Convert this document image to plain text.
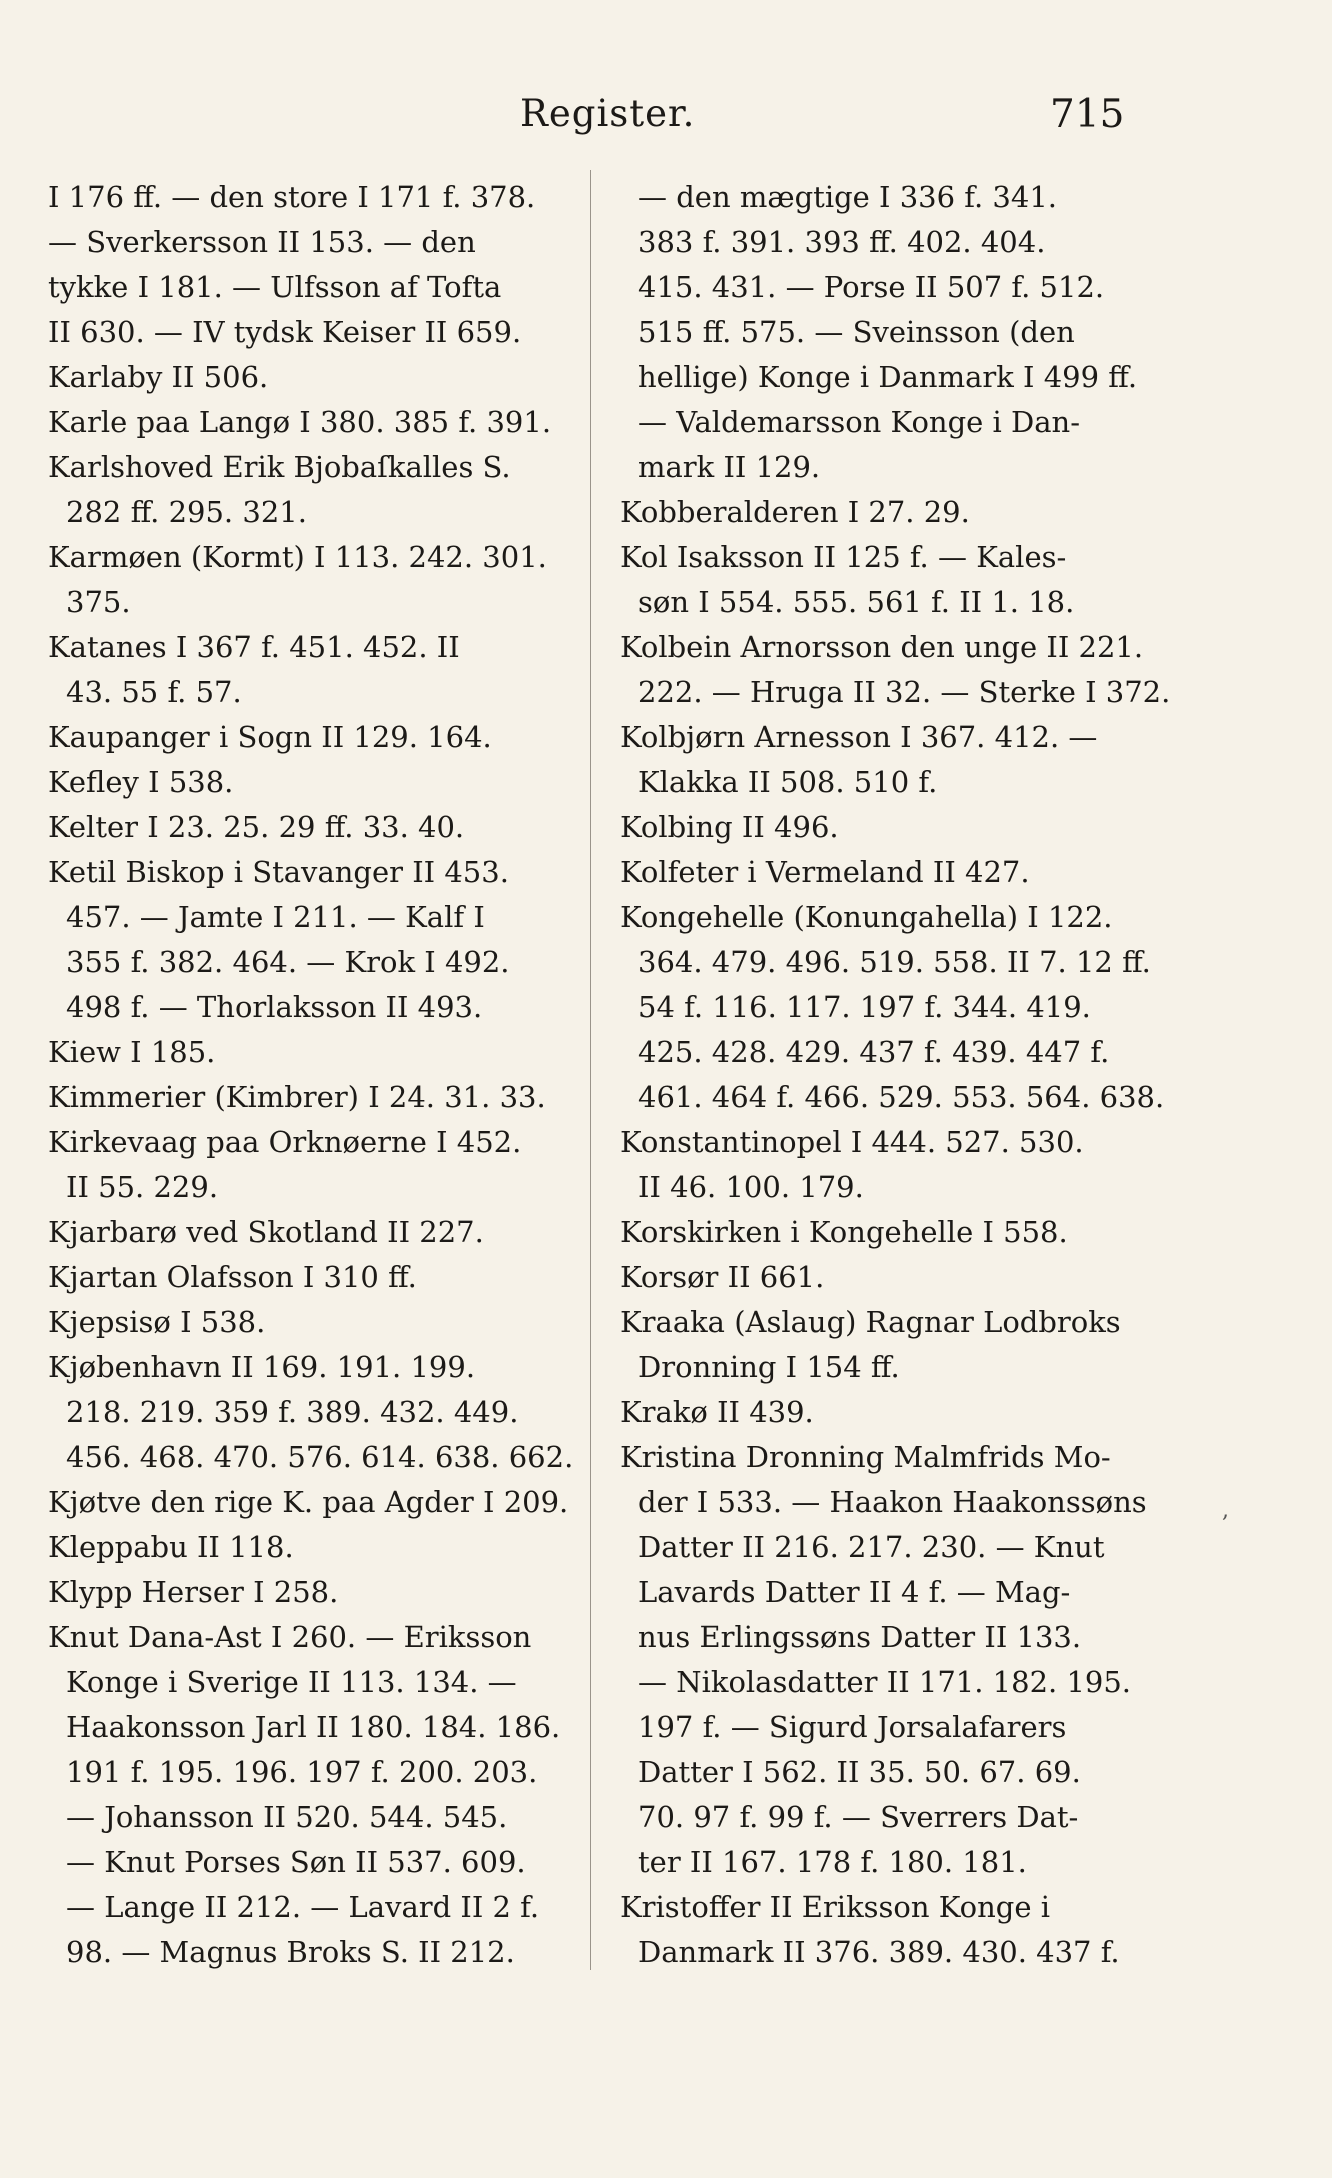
Register.	715
I 176 ff. — den store I 171 f. 378.
— Sverkersson II 153. — den
tykke I 181. — Ulfsson af Tofta
II 630. — IV tydsk Keiser II 659.
Karlaby II 506.
Karle paa Langø I 380. 385 f. 391.
Karlshoved Erik Bjobaſkalles S.
282 ff. 295. 321.
Karmøen (Kormt) I 113. 242. 301.
375.
Katanes I 367 f. 451. 452. II
43. 55 f. 57.
Kaupanger i Sogn II 129. 164.
Kefley I 538.
Kelter I 23. 25. 29 ff. 33. 40.
Ketil Biskop i Stavanger II 453.
457. — Jamte I 211. — Kalf I
355 f. 382. 464. — Krok I 492.
498 f. — Thorlaksson II 493.
Kiew I 185.
Kimmerier (Kimbrer) I 24. 31. 33.
Kirkevaag paa Orknøerne I 452.
II 55. 229.
Kjarbarø ved Skotland II 227.
Kjartan Olafsson I 310 ff.
Kjepsisø I 538.
Kjøbenhavn II 169. 191. 199.
218. 219. 359 f. 389. 432. 449.
456. 468. 470. 576. 614. 638. 662.
Kjøtve den rige K. paa Agder I 209.
Kleppabu II 118.
Klypp Herser I 258.
Knut Dana-Ast I 260. — Eriksson
Konge i Sverige II 113. 134. —
Haakonsson Jarl II 180. 184. 186.
191 f. 195. 196. 197 f. 200. 203.
— Johansson II 520. 544. 545.
— Knut Porses Søn II 537. 609.
— Lange II 212. — Lavard II 2 f.
98. — Magnus Broks S. II 212.
— den mægtige I 336 f. 341.
383 f. 391. 393 ff. 402. 404.
415. 431. — Porse II 507 f. 512.
515 ff. 575. — Sveinsson (den
hellige) Konge i Danmark I 499 ff.
— Valdemarsson Konge i Dan-
mark II 129.
Kobberalderen I 27. 29.
Kol Isaksson II 125 f. — Kales-
søn I 554. 555. 561 f. II 1. 18.
Kolbein Arnorsson den unge II 221.
222. — Hruga II 32. — Sterke I 372.
Kolbjørn Arnesson I 367. 412. —
Klakka II 508. 510 f.
Kolbing II 496.
Kolfeter i Vermeland II 427.
Kongehelle (Konungahella) I 122.
364. 479. 496. 519. 558. II 7. 12 ff.
54 f. 116. 117. 197 f. 344. 419.
425. 428. 429. 437 f. 439. 447 f.
461. 464 f. 466. 529. 553. 564. 638.
Konstantinopel I 444. 527. 530.
II 46. 100. 179.
Korskirken i Kongehelle I 558.
Korsør II 661.
Kraaka (Aslaug) Ragnar Lodbroks
Dronning I 154 ff.
Krakø II 439.
Kristina Dronning Malmfrids Mo-
der I 533. — Haakon Haakonssøns
Datter II 216. 217. 230. — Knut
Lavards Datter II 4 f. — Mag-
nus Erlingssøns Datter II 133.
— Nikolasdatter II 171. 182. 195.
197 f. — Sigurd Jorsalafarers
Datter I 562. II 35. 50. 67. 69.
70. 97 f. 99 f. — Sverrers Dat-
ter II 167. 178 f. 180. 181.
Kristoffer II Eriksson Konge i
Danmark II 376. 389. 430. 437 f.
,
